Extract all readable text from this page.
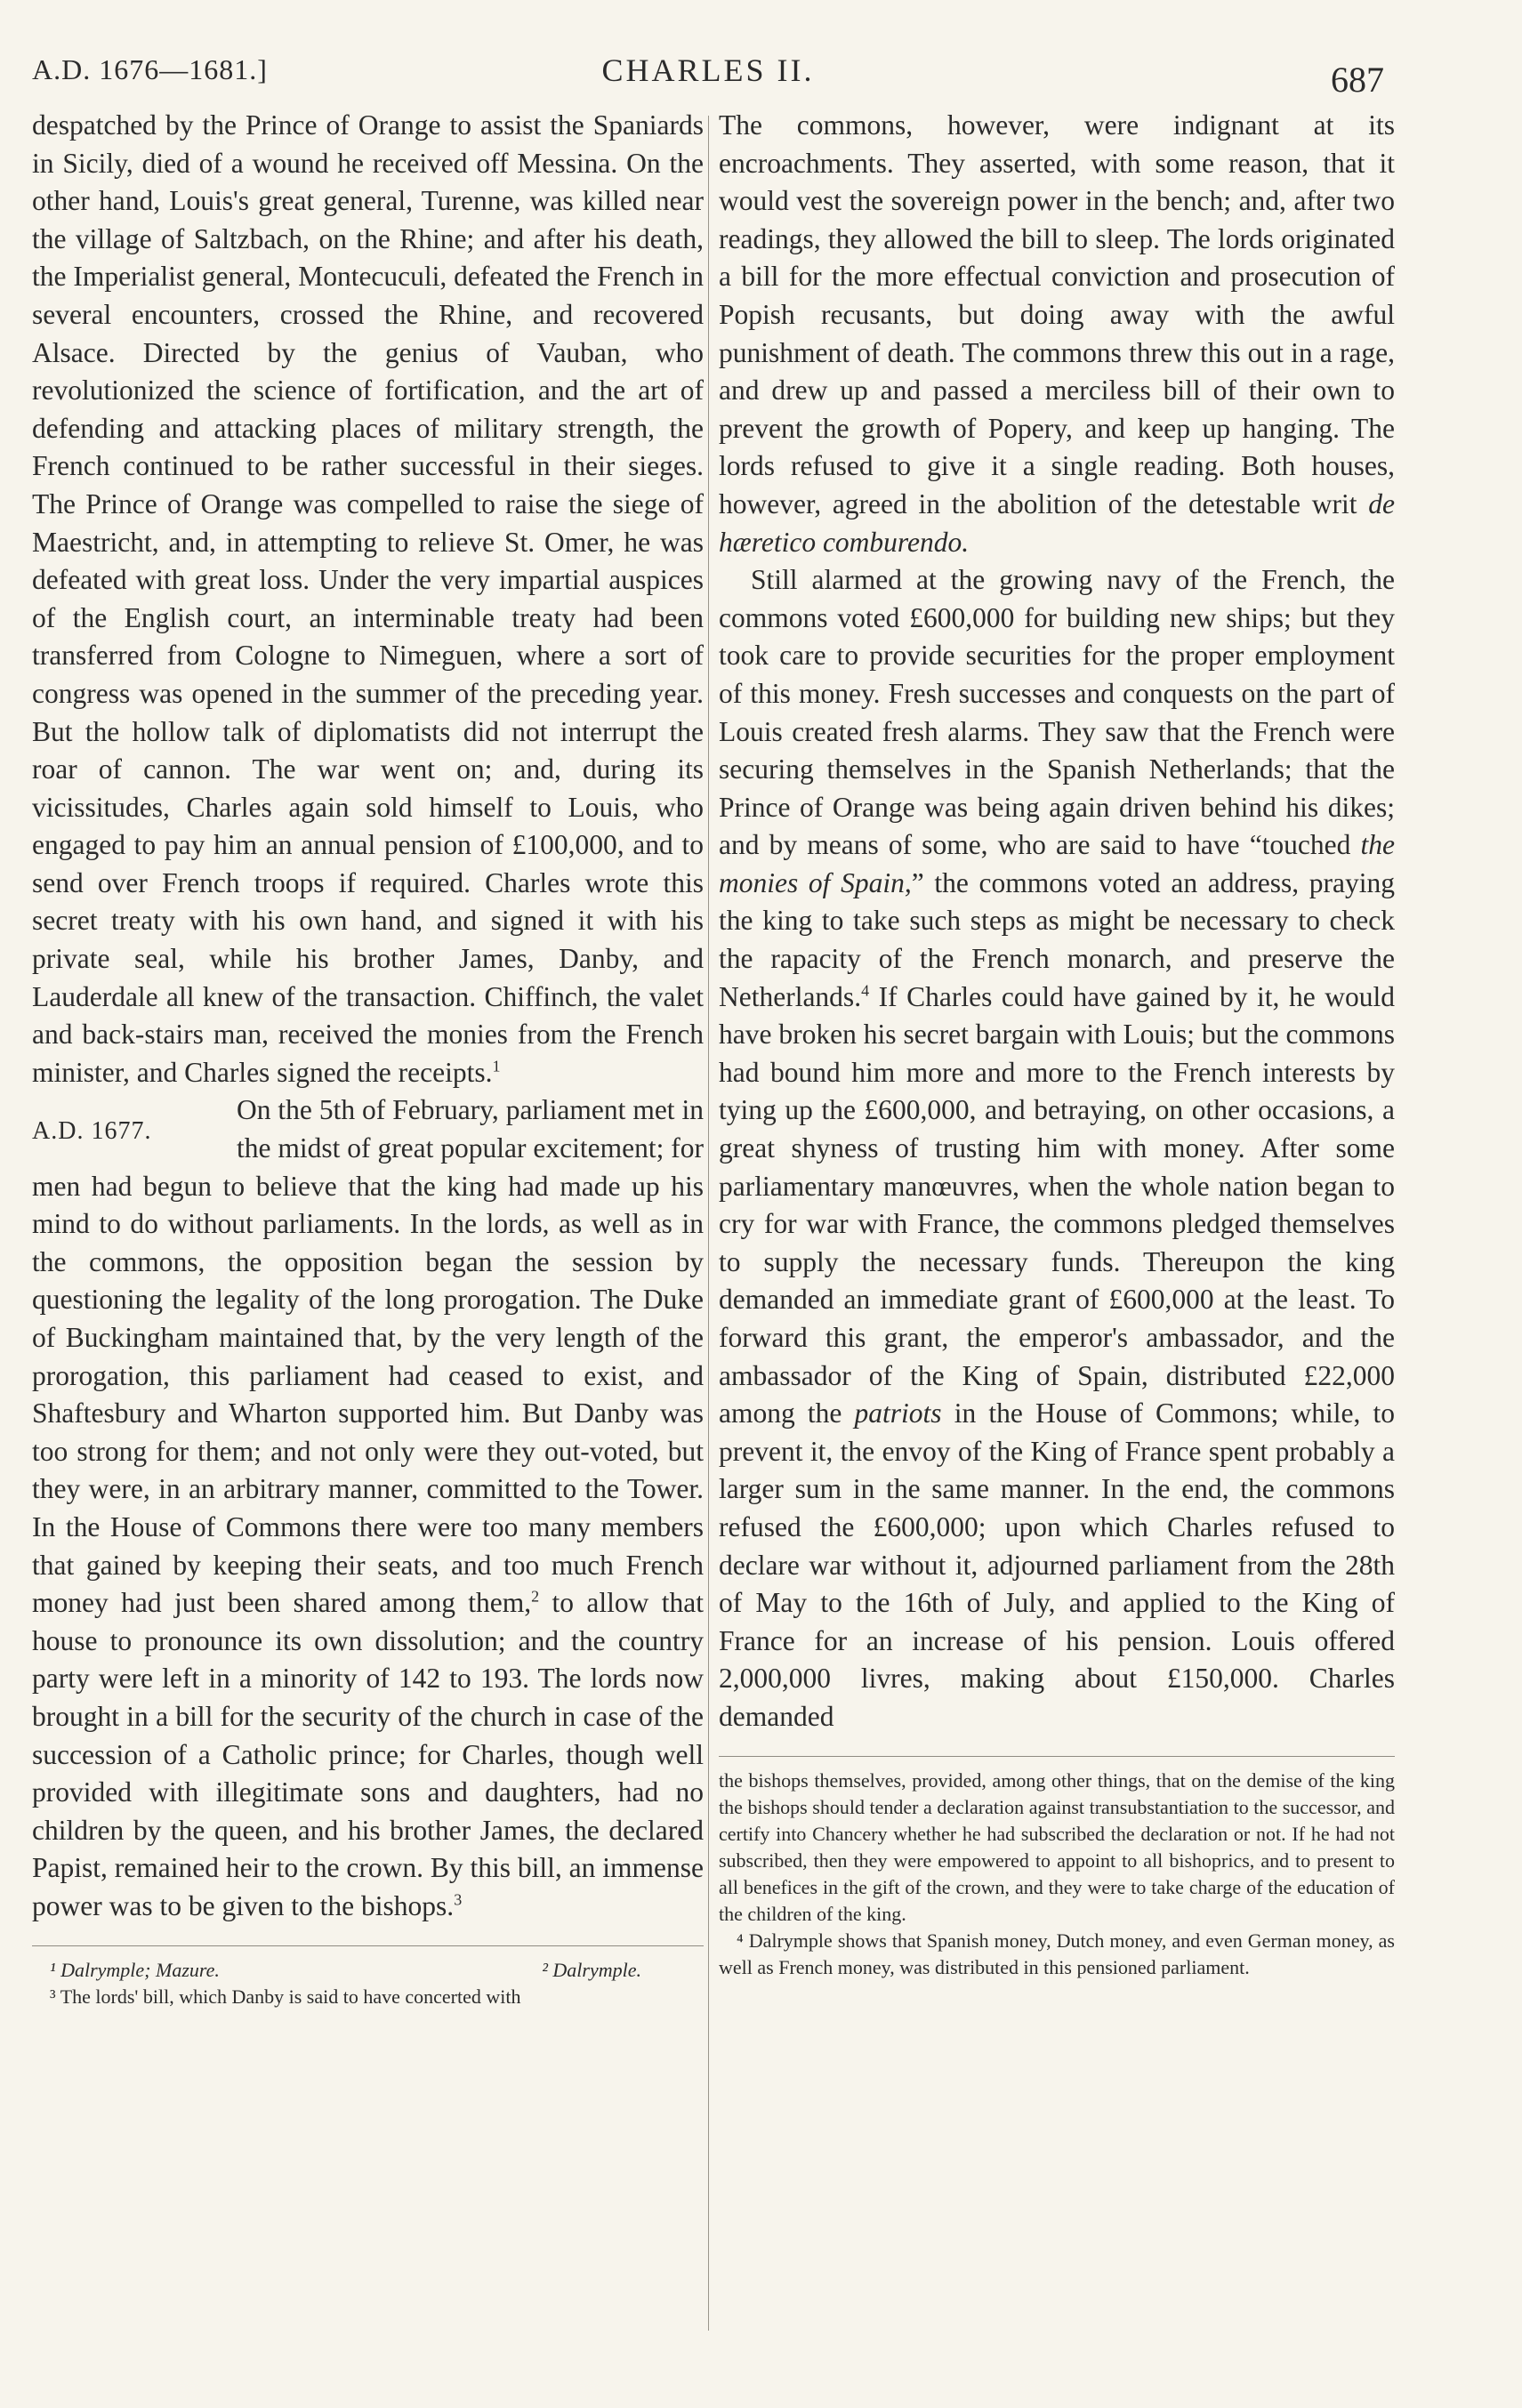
A.D. 1676—1681.]	CHARLES II.	687

despatched by the Prince of Orange to assist the Spaniards in Sicily, died of a wound he received off Messina. On the other hand, Louis's great general, Turenne, was killed near the village of Saltzbach, on the Rhine; and after his death, the Imperialist general, Montecuculi, defeated the French in several encounters, crossed the Rhine, and recovered Alsace. Directed by the genius of Vauban, who revolutionized the science of fortification, and the art of defending and attacking places of military strength, the French continued to be rather successful in their sieges. The Prince of Orange was compelled to raise the siege of Maestricht, and, in attempting to relieve St. Omer, he was defeated with great loss. Under the very impartial auspices of the English court, an interminable treaty had been transferred from Cologne to Nimeguen, where a sort of congress was opened in the summer of the preceding year. But the hollow talk of diplomatists did not interrupt the roar of cannon. The war went on; and, during its vicissitudes, Charles again sold himself to Louis, who engaged to pay him an annual pension of £100,000, and to send over French troops if required. Charles wrote this secret treaty with his own hand, and signed it with his private seal, while his brother James, Danby, and Lauderdale all knew of the transaction. Chiffinch, the valet and back-stairs man, received the monies from the French minister, and Charles signed the receipts.$^1$

A.D. 1677.
On the 5th of February, parliament met in the midst of great popular excitement; for men had begun to believe that the king had made up his mind to do without parliaments. In the lords, as well as in the commons, the opposition began the session by questioning the legality of the long prorogation. The Duke of Buckingham maintained that, by the very length of the prorogation, this parliament had ceased to exist, and Shaftesbury and Wharton supported him. But Danby was too strong for them; and not only were they out-voted, but they were, in an arbitrary manner, committed to the Tower. In the House of Commons there were too many members that gained by keeping their seats, and too much French money had just been shared among them,$^2$ to allow that house to pronounce its own dissolution; and the country party were left in a minority of 142 to 193. The lords now brought in a bill for the security of the church in case of the succession of a Catholic prince; for Charles, though well provided with illegitimate sons and daughters, had no children by the queen, and his brother James, the declared Papist, remained heir to the crown. By this bill, an immense power was to be given to the bishops.$^3$

¹ Dalrymple; Mazure.	² Dalrymple.

³ The lords' bill, which Danby is said to have concerted with

The commons, however, were indignant at its encroachments. They asserted, with some reason, that it would vest the sovereign power in the bench; and, after two readings, they allowed the bill to sleep. The lords originated a bill for the more effectual conviction and prosecution of Popish recusants, but doing away with the awful punishment of death. The commons threw this out in a rage, and drew up and passed a merciless bill of their own to prevent the growth of Popery, and keep up hanging. The lords refused to give it a single reading. Both houses, however, agreed in the abolition of the detestable writ de hæretico comburendo.

Still alarmed at the growing navy of the French, the commons voted £600,000 for building new ships; but they took care to provide securities for the proper employment of this money. Fresh successes and conquests on the part of Louis created fresh alarms. They saw that the French were securing themselves in the Spanish Netherlands; that the Prince of Orange was being again driven behind his dikes; and by means of some, who are said to have “touched the monies of Spain,” the commons voted an address, praying the king to take such steps as might be necessary to check the rapacity of the French monarch, and preserve the Netherlands.$^4$ If Charles could have gained by it, he would have broken his secret bargain with Louis; but the commons had bound him more and more to the French interests by tying up the £600,000, and betraying, on other occasions, a great shyness of trusting him with money. After some parliamentary manœuvres, when the whole nation began to cry for war with France, the commons pledged themselves to supply the necessary funds. Thereupon the king demanded an immediate grant of £600,000 at the least. To forward this grant, the emperor's ambassador, and the ambassador of the King of Spain, distributed £22,000 among the patriots in the House of Commons; while, to prevent it, the envoy of the King of France spent probably a larger sum in the same manner. In the end, the commons refused the £600,000; upon which Charles refused to declare war without it, adjourned parliament from the 28th of May to the 16th of July, and applied to the King of France for an increase of his pension. Louis offered 2,000,000 livres, making about £150,000. Charles demanded

the bishops themselves, provided, among other things, that on the demise of the king the bishops should tender a declaration against transubstantiation to the successor, and certify into Chancery whether he had subscribed the declaration or not. If he had not subscribed, then they were empowered to appoint to all bishoprics, and to present to all benefices in the gift of the crown, and they were to take charge of the education of the children of the king.

⁴ Dalrymple shows that Spanish money, Dutch money, and even German money, as well as French money, was distributed in this pensioned parliament.
